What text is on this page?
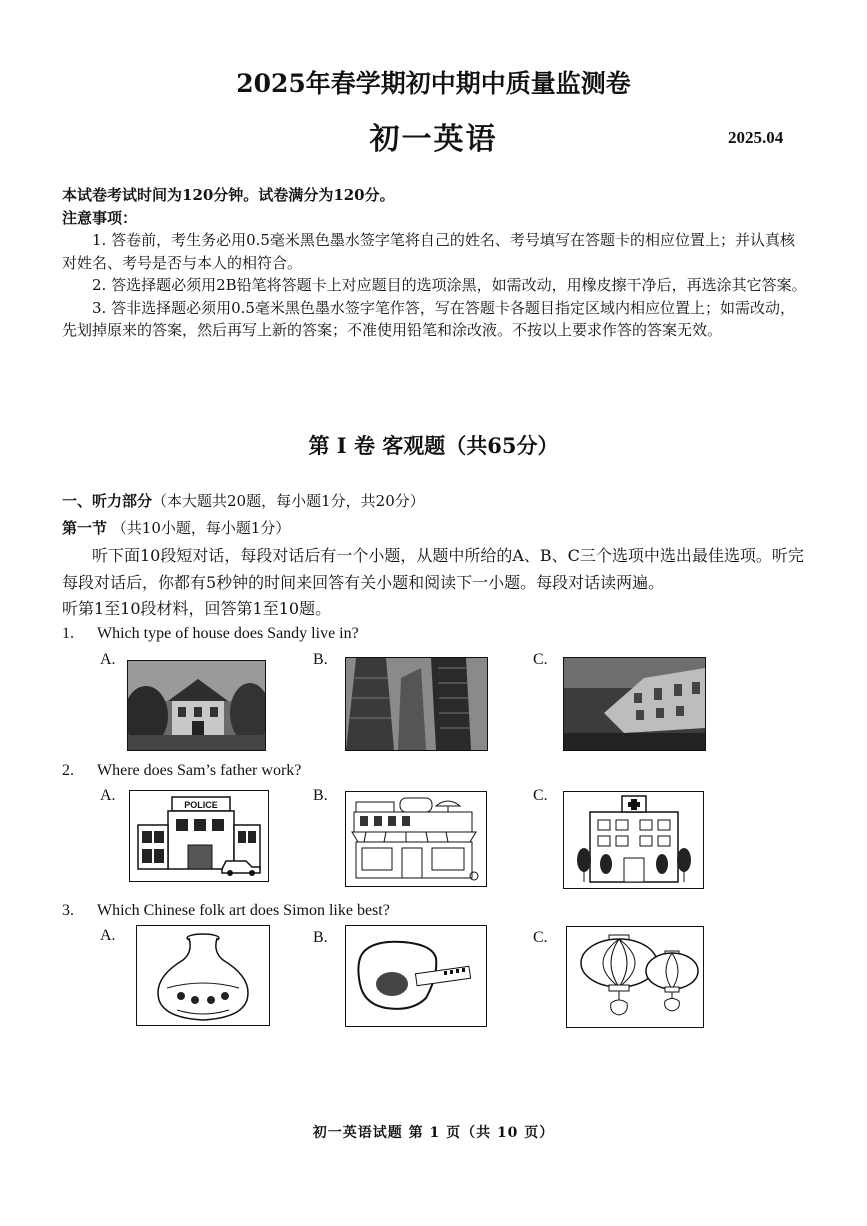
2025年春学期初中期中质量监测卷
初一英语	2025.04

本试卷考试时间为120分钟。试卷满分为120分。

注意事项：

1. 答卷前，考生务必用0.5毫米黑色墨水签字笔将自己的姓名、考号填写在答题卡的相应位置上；并认真核对姓名、考号是否与本人的相符合。

2. 答选择题必须用2B铅笔将答题卡上对应题目的选项涂黑，如需改动，用橡皮擦干净后，再选涂其它答案。

3. 答非选择题必须用0.5毫米黑色墨水签字笔作答，写在答题卡各题目指定区域内相应位置上；如需改动，先划掉原来的答案，然后再写上新的答案；不准使用铅笔和涂改液。不按以上要求作答的答案无效。

第 I 卷 客观题（共65分）
一、听力部分（本大题共20题，每小题1分，共20分）
第一节 （共10小题，每小题1分）

听下面10段短对话，每段对话后有一个小题，从题中所给的A、B、C三个选项中选出最佳选项。听完每段对话后，你都有5秒钟的时间来回答有关小题和阅读下一小题。每段对话读两遍。

听第1至10段材料，回答第1至10题。

1. Which type of house does Sandy live in?
A.	B.	C.
2. Where does Sam’s father work?
A.	B.	C.
POLICE
3. Which Chinese folk art does Simon like best?
A.	B.	C.
初一英语试题 第 1 页（共 10 页）
